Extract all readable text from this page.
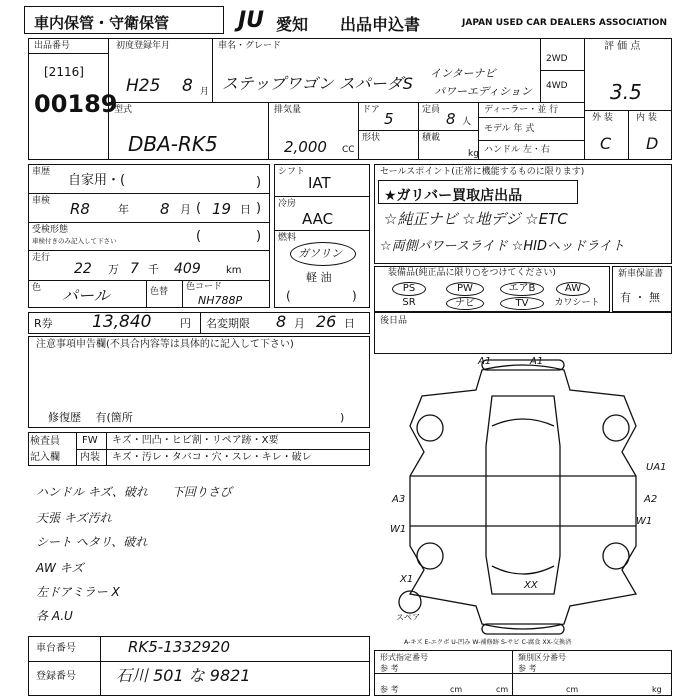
車内保管・守衛保管	JU 愛知 出品申込書	JAPAN USED CAR DEALERS ASSOCIATION
出品番号
[2116]
00189
初度登録年月
H25 8 月
車名・グレード
ステップワゴン スパーダS
インターナビ
パワーエディション
2WD
4WD
評 価 点
3.5
外 装	内 装
C D
型式
DBA-RK5
排気量
2,000 CC
ドア 5	定員 8 人
形状	積載
kg
ディーラー・並 行
モデル 年 式
ハンドル 左・右
車歴
自家用・(	)
車検 R8	年 8 月 ( 19 日 )
受検形態
車検付きのみ記入して下さい	(	)
走行
22 万 7 千 409	km
色 パール	色替 色コード
NH788P
シフト
IAT
冷房
AAC
燃料
ガソリン
軽 油
(	)
セールスポイント(正常に機能するものに限ります)
★ガリバー買取店出品
☆純正ナビ ☆地デジ ☆ETC
☆両側パワースライド ☆HIDヘッドライト
装備品(純正品に限り○をつけてください)
PS	PW	エアB	AW
SR	ナビ	TV	カワシート
新車保証書
有 ・ 無
R券 13,840	円 名変期限 8 月 26 日	後日品
注意事項申告欄(不具合内容等は具体的に記入して下さい)
修復歴　 有(箇所	)
検査員
記入欄
FW キズ・凹凸・ヒビ割・リペア跡・X要
内装 キズ・汚レ・タバコ・穴・スレ・キレ・破レ
ハンドル キズ、破れ　　下回りさび
天張 キズ汚れ
シート へタリ、破れ
AW キズ
左ドアミラー X
各 A.U
車台番号	RK5-1332920
登録番号	石川 501 な 9821
A1	A1
A3
W1
UA1
A2
W1
X1
XX
スペア
A-キズ E-エクボ U-凹み W-補修跡 S-サビ C-腐食 XX-交換済
形式指定番号
参 考
類別区分番号
参 考
参 考	cm	cm	cm	kg
